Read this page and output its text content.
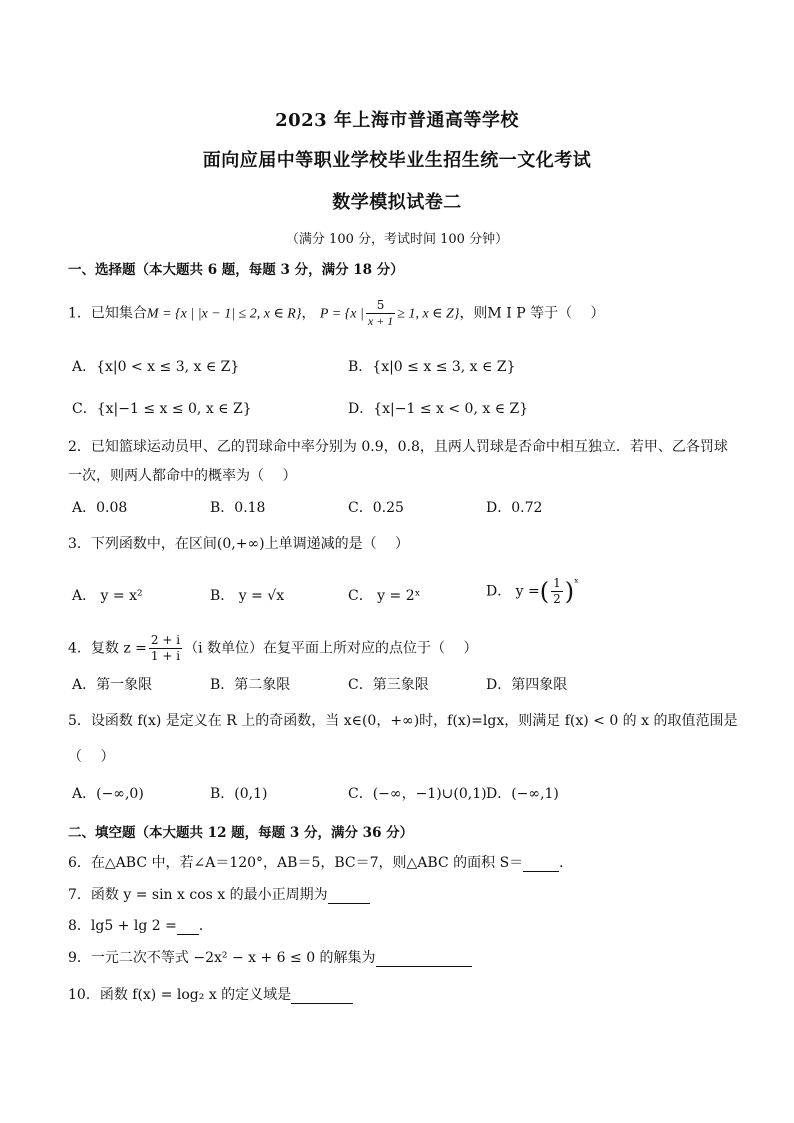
2023 年上海市普通高等学校
面向应届中等职业学校毕业生招生统一文化考试
数学模拟试卷二
（满分 100 分，考试时间 100 分钟）
一、选择题（本大题共 6 题，每题 3 分，满分 18 分）
1．已知集合M = {x | |x − 1| ≤ 2, x ∈ R}， P = {x | $\frac{5}{x + 1} \ge 1$, x ∈ Z}，则M I P 等于（　 ）
A．{x|0 < x ≤ 3, x ∈ Z}	B．{x|0 ≤ x ≤ 3, x ∈ Z}
C．{x|−1 ≤ x ≤ 0, x ∈ Z}	D．{x|−1 ≤ x < 0, x ∈ Z}
2．已知篮球运动员甲、乙的罚球命中率分别为 0.9，0.8，且两人罚球是否命中相互独立．若甲、乙各罚球
一次，则两人都命中的概率为（　 ）
A．0.08	B．0.18	C．0.25	D．0.72
3．下列函数中，在区间(0,+∞)上单调递减的是（　 ）
A． y = x²	B． y = √x	C． y = 2ˣ	D． y =( $\frac{1}{2} )^ˣ$
4．复数 $z = \frac{2 + i}{1 + i} (i$ 数单位）在复平面上所对应的点位于（　 ）
A．第一象限	B．第二象限	C．第三象限	D．第四象限
5．设函数 f(x) 是定义在 R 上的奇函数，当 x∈(0，+∞)时，f(x)=lgx，则满足 f(x) < 0 的 x 的取值范围是
（　 ）
A．(−∞,0)	B．(0,1)	C．(−∞，−1)∪(0,1) D．(−∞,1)
二、填空题（本大题共 12 题，每题 3 分，满分 36 分）
6．在△ABC 中，若∠A＝120°，AB＝5，BC＝7，则△ABC 的面积 S＝	．
7．函数 y = sin x cos x 的最小正周期为
8．lg5 + lg 2 = ．
9．一元二次不等式 −2x² − x + 6 ≤ 0 的解集为
10．函数 f(x) = log₂ x 的定义域是
